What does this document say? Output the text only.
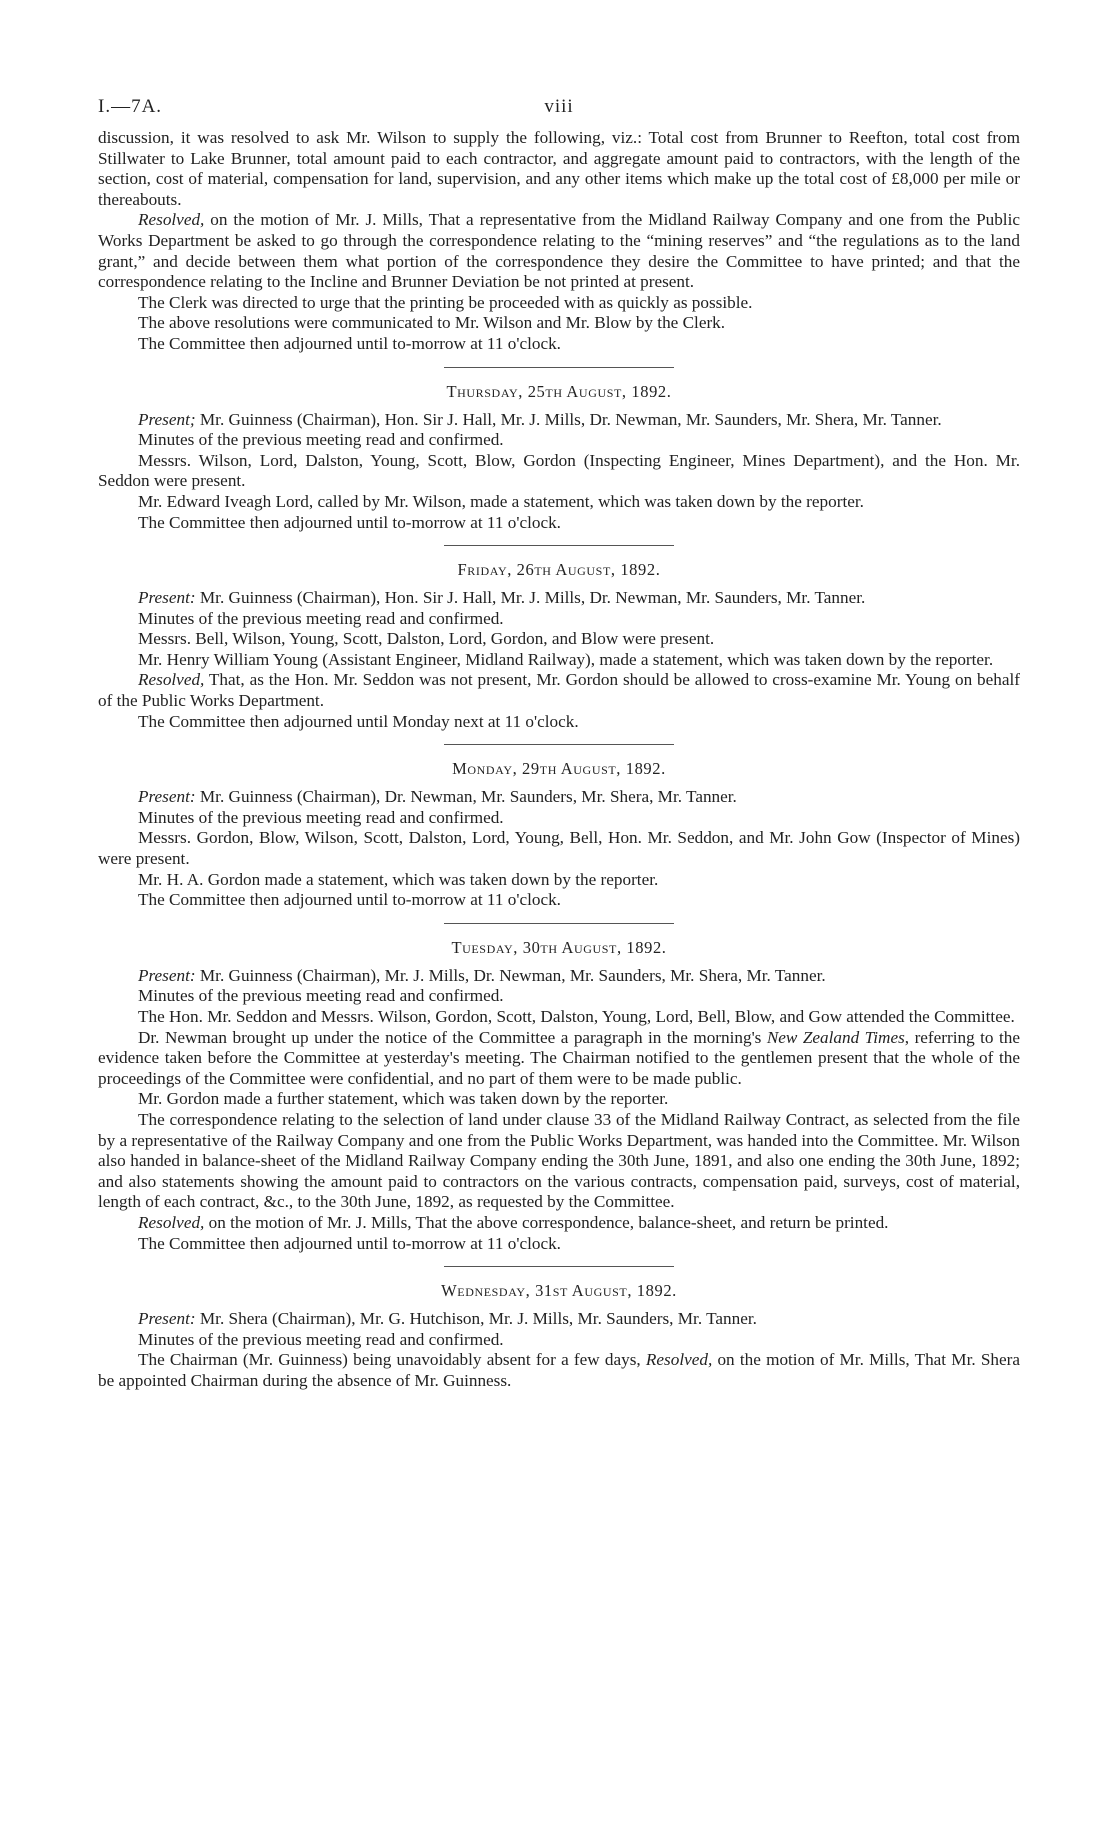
I.—7A.	viii

discussion, it was resolved to ask Mr. Wilson to supply the following, viz.: Total cost from Brunner to Reefton, total cost from Stillwater to Lake Brunner, total amount paid to each contractor, and aggregate amount paid to contractors, with the length of the section, cost of material, compensation for land, supervision, and any other items which make up the total cost of £8,000 per mile or thereabouts.

Resolved, on the motion of Mr. J. Mills, That a representative from the Midland Railway Company and one from the Public Works Department be asked to go through the correspondence relating to the “mining reserves” and “the regulations as to the land grant,” and decide between them what portion of the correspondence they desire the Committee to have printed; and that the correspondence relating to the Incline and Brunner Deviation be not printed at present.

The Clerk was directed to urge that the printing be proceeded with as quickly as possible.

The above resolutions were communicated to Mr. Wilson and Mr. Blow by the Clerk.

The Committee then adjourned until to-morrow at 11 o'clock.

Thursday, 25th August, 1892.

Present; Mr. Guinness (Chairman), Hon. Sir J. Hall, Mr. J. Mills, Dr. Newman, Mr. Saunders, Mr. Shera, Mr. Tanner.

Minutes of the previous meeting read and confirmed.

Messrs. Wilson, Lord, Dalston, Young, Scott, Blow, Gordon (Inspecting Engineer, Mines Department), and the Hon. Mr. Seddon were present.

Mr. Edward Iveagh Lord, called by Mr. Wilson, made a statement, which was taken down by the reporter.

The Committee then adjourned until to-morrow at 11 o'clock.

Friday, 26th August, 1892.

Present: Mr. Guinness (Chairman), Hon. Sir J. Hall, Mr. J. Mills, Dr. Newman, Mr. Saunders, Mr. Tanner.

Minutes of the previous meeting read and confirmed.

Messrs. Bell, Wilson, Young, Scott, Dalston, Lord, Gordon, and Blow were present.

Mr. Henry William Young (Assistant Engineer, Midland Railway), made a statement, which was taken down by the reporter.

Resolved, That, as the Hon. Mr. Seddon was not present, Mr. Gordon should be allowed to cross-examine Mr. Young on behalf of the Public Works Department.

The Committee then adjourned until Monday next at 11 o'clock.

Monday, 29th August, 1892.

Present: Mr. Guinness (Chairman), Dr. Newman, Mr. Saunders, Mr. Shera, Mr. Tanner.

Minutes of the previous meeting read and confirmed.

Messrs. Gordon, Blow, Wilson, Scott, Dalston, Lord, Young, Bell, Hon. Mr. Seddon, and Mr. John Gow (Inspector of Mines) were present.

Mr. H. A. Gordon made a statement, which was taken down by the reporter.

The Committee then adjourned until to-morrow at 11 o'clock.

Tuesday, 30th August, 1892.

Present: Mr. Guinness (Chairman), Mr. J. Mills, Dr. Newman, Mr. Saunders, Mr. Shera, Mr. Tanner.

Minutes of the previous meeting read and confirmed.

The Hon. Mr. Seddon and Messrs. Wilson, Gordon, Scott, Dalston, Young, Lord, Bell, Blow, and Gow attended the Committee.

Dr. Newman brought up under the notice of the Committee a paragraph in the morning's New Zealand Times, referring to the evidence taken before the Committee at yesterday's meeting. The Chairman notified to the gentlemen present that the whole of the proceedings of the Committee were confidential, and no part of them were to be made public.

Mr. Gordon made a further statement, which was taken down by the reporter.

The correspondence relating to the selection of land under clause 33 of the Midland Railway Contract, as selected from the file by a representative of the Railway Company and one from the Public Works Department, was handed into the Committee. Mr. Wilson also handed in balance-sheet of the Midland Railway Company ending the 30th June, 1891, and also one ending the 30th June, 1892; and also statements showing the amount paid to contractors on the various contracts, compensation paid, surveys, cost of material, length of each contract, &c., to the 30th June, 1892, as requested by the Committee.

Resolved, on the motion of Mr. J. Mills, That the above correspondence, balance-sheet, and return be printed.

The Committee then adjourned until to-morrow at 11 o'clock.

Wednesday, 31st August, 1892.

Present: Mr. Shera (Chairman), Mr. G. Hutchison, Mr. J. Mills, Mr. Saunders, Mr. Tanner.

Minutes of the previous meeting read and confirmed.

The Chairman (Mr. Guinness) being unavoidably absent for a few days, Resolved, on the motion of Mr. Mills, That Mr. Shera be appointed Chairman during the absence of Mr. Guinness.
